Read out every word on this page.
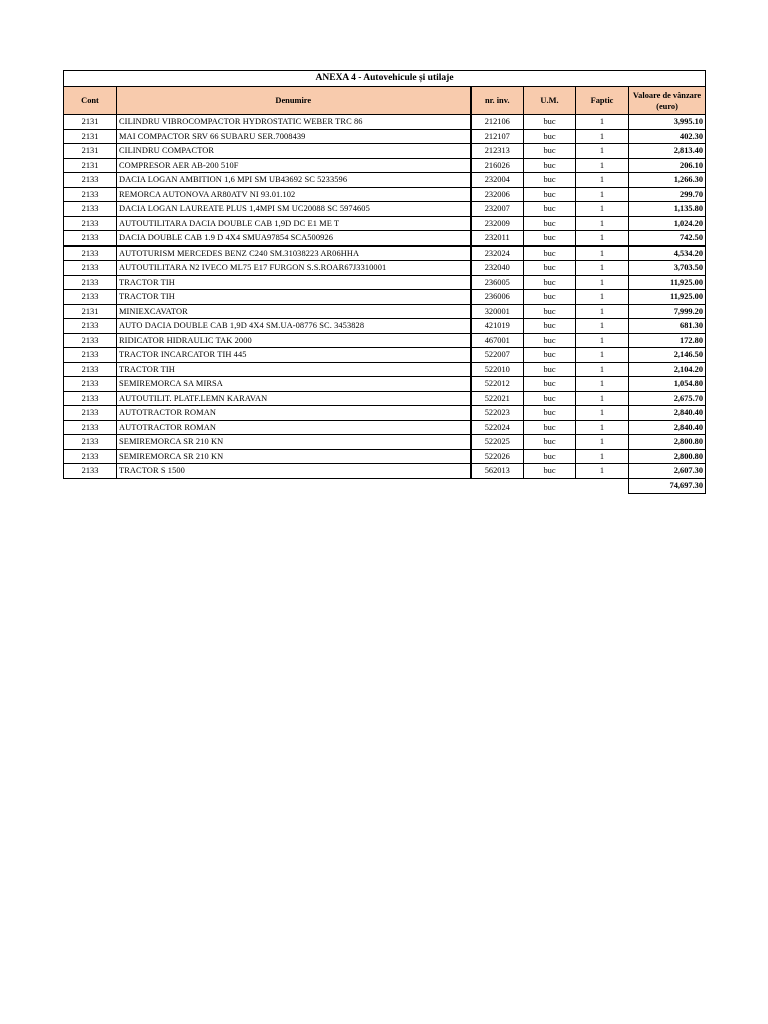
ANEXA 4 - Autovehicule și utilaje					
Cont	Denumire	nr. inv.	U.M.	Faptic	Valoare de vânzare (euro)
2131	CILINDRU VIBROCOMPACTOR HYDROSTATIC WEBER TRC 86	212106	buc	1	3,995.10
2131	MAI COMPACTOR SRV 66 SUBARU SER.7008439	212107	buc	1	402.30
2131	CILINDRU COMPACTOR	212313	buc	1	2,813.40
2131	COMPRESOR AER AB-200 510F	216026	buc	1	206.10
2133	DACIA LOGAN AMBITION 1,6 MPI SM UB43692 SC 5233596	232004	buc	1	1,266.30
2133	REMORCA AUTONOVA AR80ATV NI 93.01.102	232006	buc	1	299.70
2133	DACIA LOGAN LAUREATE PLUS 1,4MPI SM UC20088 SC 5974605	232007	buc	1	1,135.80
2133	AUTOUTILITARA DACIA DOUBLE CAB 1,9D DC E1 ME T	232009	buc	1	1,024.20
2133	DACIA DOUBLE CAB 1.9 D 4X4 SMUA97854 SCA500926	232011	buc	1	742.50
2133	AUTOTURISM MERCEDES BENZ C240 SM.31038223 AR06HHA	232024	buc	1	4,534.20
2133	AUTOUTILITARA N2 IVECO ML75 E17 FURGON S.S.ROAR67J3310001	232040	buc	1	3,703.50
2133	TRACTOR TIH	236005	buc	1	11,925.00
2133	TRACTOR TIH	236006	buc	1	11,925.00
2131	MINIEXCAVATOR	320001	buc	1	7,999.20
2133	AUTO DACIA DOUBLE CAB 1,9D 4X4 SM.UA-08776 SC. 3453828	421019	buc	1	681.30
2133	RIDICATOR HIDRAULIC TAK 2000	467001	buc	1	172.80
2133	TRACTOR INCARCATOR TIH 445	522007	buc	1	2,146.50
2133	TRACTOR TIH	522010	buc	1	2,104.20
2133	SEMIREMORCA SA MIRSA	522012	buc	1	1,054.80
2133	AUTOUTILIT. PLATF.LEMN KARAVAN	522021	buc	1	2,675.70
2133	AUTOTRACTOR ROMAN	522023	buc	1	2,840.40
2133	AUTOTRACTOR ROMAN	522024	buc	1	2,840.40
2133	SEMIREMORCA SR 210 KN	522025	buc	1	2,800.80
2133	SEMIREMORCA SR 210 KN	522026	buc	1	2,800.80
2133	TRACTOR S 1500	562013	buc	1	2,607.30
					74,697.30
